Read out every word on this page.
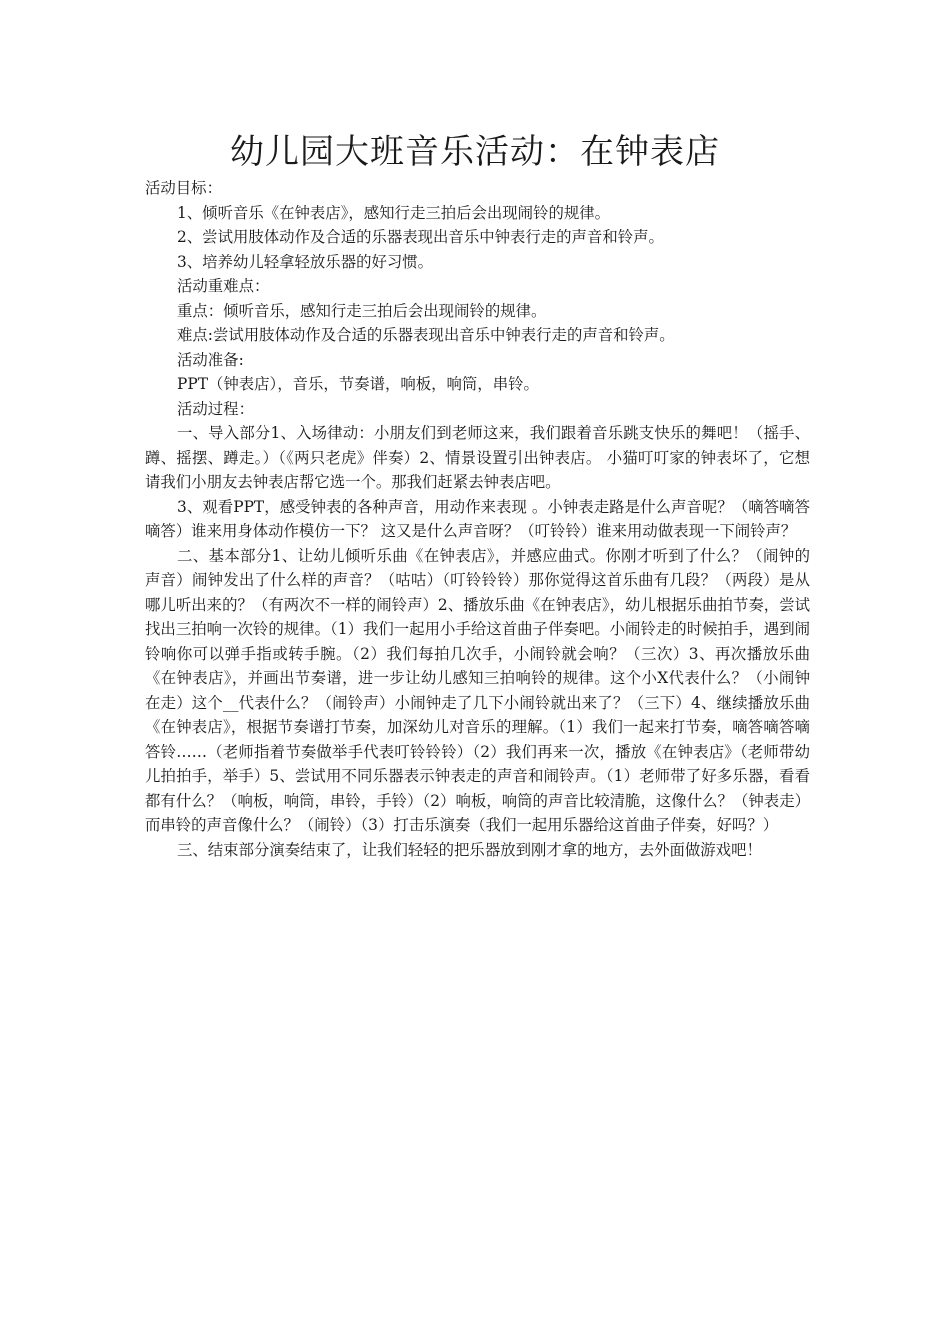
幼儿园大班音乐活动：在钟表店

活动目标：

1、倾听音乐《在钟表店》，感知行走三拍后会出现闹铃的规律。

2、尝试用肢体动作及合适的乐器表现出音乐中钟表行走的声音和铃声。

3、培养幼儿轻拿轻放乐器的好习惯。

活动重难点：

重点：倾听音乐，感知行走三拍后会出现闹铃的规律。

难点:尝试用肢体动作及合适的乐器表现出音乐中钟表行走的声音和铃声。

活动准备:

PPT（钟表店），音乐，节奏谱，响板，响筒，串铃。

活动过程：

一、导入部分1、入场律动：小朋友们到老师这来，我们跟着音乐跳支快乐的舞吧！（摇手、蹲、摇摆、蹲走。）（《两只老虎》伴奏）2、情景设置引出钟表店。 小猫叮叮家的钟表坏了，它想请我们小朋友去钟表店帮它选一个。那我们赶紧去钟表店吧。

3、观看PPT，感受钟表的各种声音，用动作来表现 。小钟表走路是什么声音呢？（嘀答嘀答嘀答）谁来用身体动作模仿一下？ 这又是什么声音呀？（叮铃铃）谁来用动做表现一下闹铃声？

二、基本部分1、让幼儿倾听乐曲《在钟表店》，并感应曲式。你刚才听到了什么？（闹钟的声音）闹钟发出了什么样的声音？（咕咕）（叮铃铃铃）那你觉得这首乐曲有几段？（两段）是从哪儿听出来的？（有两次不一样的闹铃声）2、播放乐曲《在钟表店》，幼儿根据乐曲拍节奏，尝试找出三拍响一次铃的规律。（1）我们一起用小手给这首曲子伴奏吧。小闹铃走的时候拍手，遇到闹铃响你可以弹手指或转手腕。（2）我们每拍几次手，小闹铃就会响？（三次）3、再次播放乐曲《在钟表店》，并画出节奏谱，进一步让幼儿感知三拍响铃的规律。这个小X代表什么？（小闹钟在走）这个__代表什么？（闹铃声）小闹钟走了几下小闹铃就出来了？（三下）4、继续播放乐曲《在钟表店》，根据节奏谱打节奏，加深幼儿对音乐的理解。（1）我们一起来打节奏，嘀答嘀答嘀答铃……（老师指着节奏做举手代表叮铃铃铃）（2）我们再来一次，播放《在钟表店》（老师带幼儿拍拍手，举手）5、尝试用不同乐器表示钟表走的声音和闹铃声。（1）老师带了好多乐器，看看都有什么？（响板，响筒，串铃，手铃）（2）响板，响筒的声音比较清脆，这像什么？（钟表走）而串铃的声音像什么？（闹铃）（3）打击乐演奏（我们一起用乐器给这首曲子伴奏，好吗？）

三、结束部分演奏结束了，让我们轻轻的把乐器放到刚才拿的地方，去外面做游戏吧！
